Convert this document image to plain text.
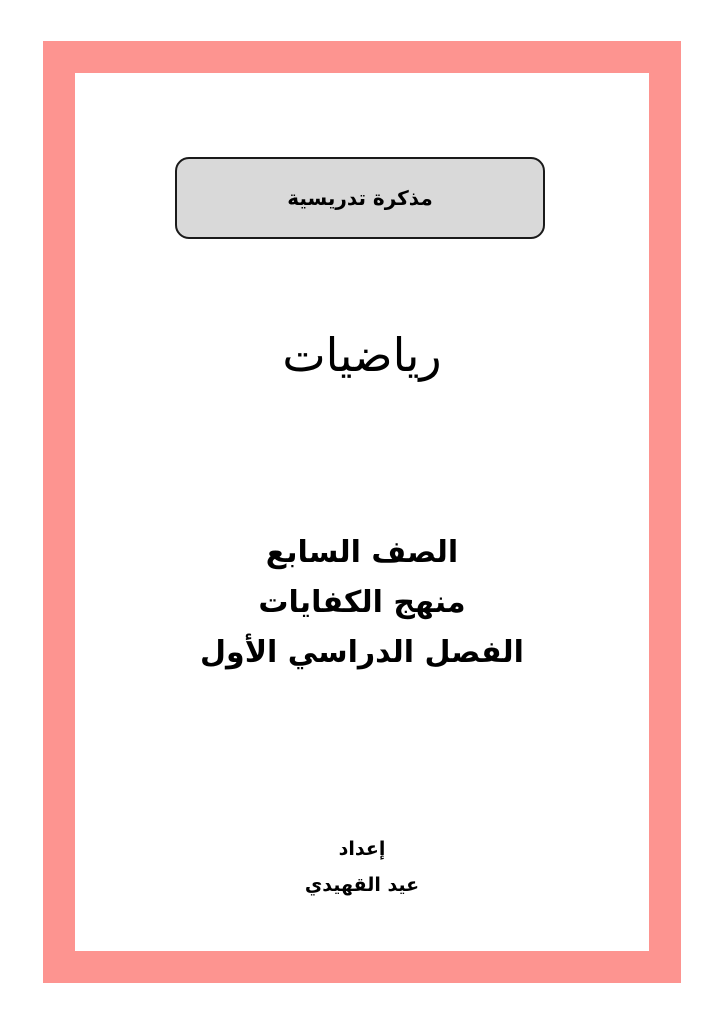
مذكرة تدريسية
رياضيات
الصف السابع
منهج الكفايات
الفصل الدراسي الأول
إعداد
عيد القهيدي
